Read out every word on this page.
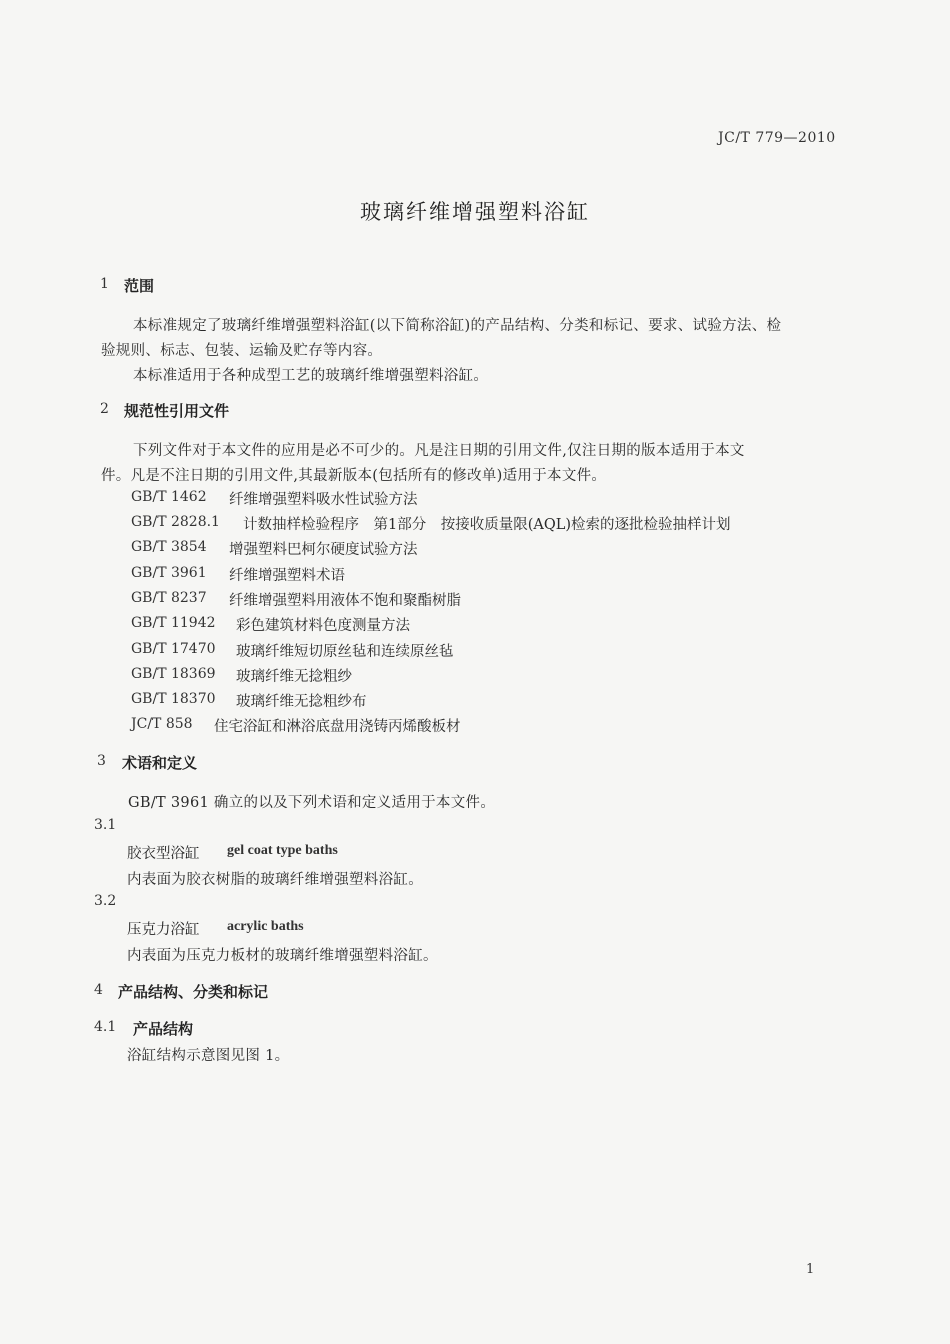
JC/T 779—2010
玻璃纤维增强塑料浴缸
1 范围
本标准规定了玻璃纤维增强塑料浴缸(以下简称浴缸)的产品结构、分类和标记、要求、试验方法、检
验规则、标志、包装、运输及贮存等内容。
本标准适用于各种成型工艺的玻璃纤维增强塑料浴缸。
2 规范性引用文件
下列文件对于本文件的应用是必不可少的。凡是注日期的引用文件,仅注日期的版本适用于本文
件。凡是不注日期的引用文件,其最新版本(包括所有的修改单)适用于本文件。
GB/T 1462 纤维增强塑料吸水性试验方法
GB/T 2828.1 计数抽样检验程序　第1部分　按接收质量限(AQL)检索的逐批检验抽样计划
GB/T 3854 增强塑料巴柯尔硬度试验方法
GB/T 3961 纤维增强塑料术语
GB/T 8237 纤维增强塑料用液体不饱和聚酯树脂
GB/T 11942 彩色建筑材料色度测量方法
GB/T 17470 玻璃纤维短切原丝毡和连续原丝毡
GB/T 18369 玻璃纤维无捻粗纱
GB/T 18370 玻璃纤维无捻粗纱布
JC/T 858 住宅浴缸和淋浴底盘用浇铸丙烯酸板材
3 术语和定义
GB/T 3961 确立的以及下列术语和定义适用于本文件。
3.1
胶衣型浴缸 gel coat type baths
内表面为胶衣树脂的玻璃纤维增强塑料浴缸。
3.2
压克力浴缸 acrylic baths
内表面为压克力板材的玻璃纤维增强塑料浴缸。
4 产品结构、分类和标记
4.1 产品结构
浴缸结构示意图见图 1。
1
